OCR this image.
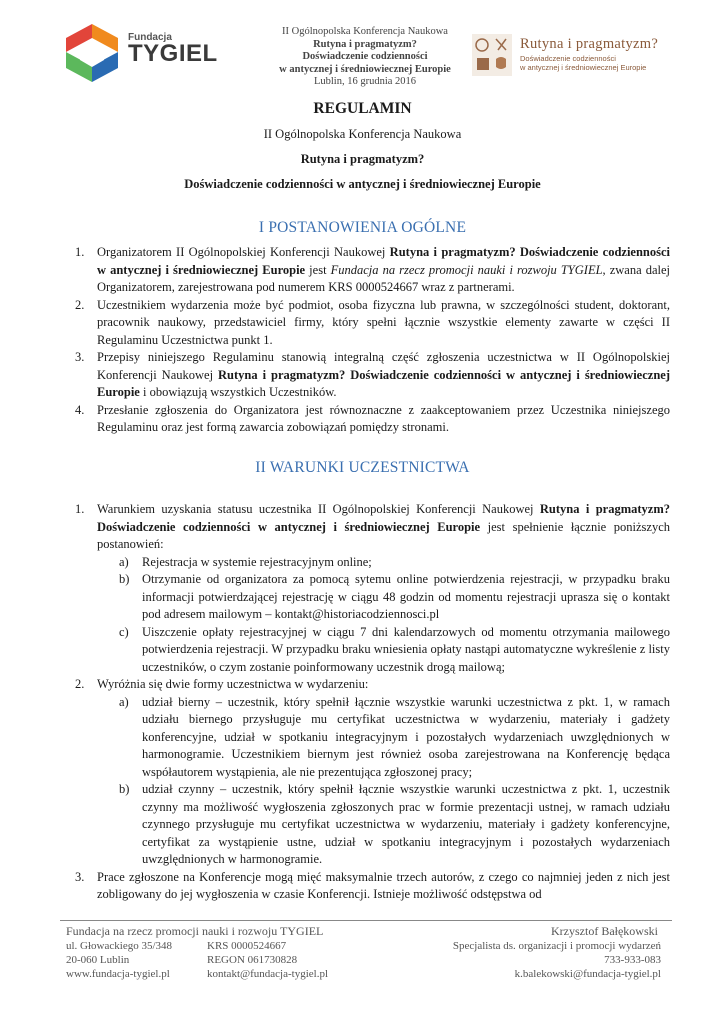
Fundacja
TYGIEL
II Ogólnopolska Konferencja Naukowa
Rutyna i pragmatyzm?
Doświadczenie codzienności
w antycznej i średniowiecznej Europie
Lublin, 16 grudnia 2016
Rutyna i pragmatyzm?
Doświadczenie codzienności
w antycznej i średniowiecznej Europie
REGULAMIN
II Ogólnopolska Konferencja Naukowa
Rutyna i pragmatyzm?
Doświadczenie codzienności w antycznej i średniowiecznej Europie
I POSTANOWIENIA OGÓLNE
1. Organizatorem II Ogólnopolskiej Konferencji Naukowej Rutyna i pragmatyzm? Doświadczenie codzienności w antycznej i średniowiecznej Europie jest Fundacja na rzecz promocji nauki i rozwoju TYGIEL, zwana dalej Organizatorem, zarejestrowana pod numerem KRS 0000524667 wraz z partnerami.
2. Uczestnikiem wydarzenia może być podmiot, osoba fizyczna lub prawna, w szczególności student, doktorant, pracownik naukowy, przedstawiciel firmy, który spełni łącznie wszystkie elementy zawarte w części II Regulaminu Uczestnictwa punkt 1.
3. Przepisy niniejszego Regulaminu stanowią integralną część zgłoszenia uczestnictwa w II Ogólnopolskiej Konferencji Naukowej Rutyna i pragmatyzm? Doświadczenie codzienności w antycznej i średniowiecznej Europie i obowiązują wszystkich Uczestników.
4. Przesłanie zgłoszenia do Organizatora jest równoznaczne z zaakceptowaniem przez Uczestnika niniejszego Regulaminu oraz jest formą zawarcia zobowiązań pomiędzy stronami.
II WARUNKI UCZESTNICTWA
1. Warunkiem uzyskania statusu uczestnika II Ogólnopolskiej Konferencji Naukowej Rutyna i pragmatyzm? Doświadczenie codzienności w antycznej i średniowiecznej Europie jest spełnienie łącznie poniższych postanowień:
a) Rejestracja w systemie rejestracyjnym online;
b) Otrzymanie od organizatora za pomocą sytemu online potwierdzenia rejestracji, w przypadku braku informacji potwierdzającej rejestrację w ciągu 48 godzin od momentu rejestracji uprasza się o kontakt pod adresem mailowym – kontakt@historiacodziennosci.pl
c) Uiszczenie opłaty rejestracyjnej w ciągu 7 dni kalendarzowych od momentu otrzymania mailowego potwierdzenia rejestracji. W przypadku braku wniesienia opłaty nastąpi automatyczne wykreślenie z listy uczestników, o czym zostanie poinformowany uczestnik drogą mailową;
2. Wyróżnia się dwie formy uczestnictwa w wydarzeniu:
a) udział bierny – uczestnik, który spełnił łącznie wszystkie warunki uczestnictwa z pkt. 1, w ramach udziału biernego przysługuje mu certyfikat uczestnictwa w wydarzeniu, materiały i gadżety konferencyjne, udział w spotkaniu integracyjnym i pozostałych wydarzeniach uwzględnionych w harmonogramie. Uczestnikiem biernym jest również osoba zarejestrowana na Konferencję będąca współautorem wystąpienia, ale nie prezentująca zgłoszonej pracy;
b) udział czynny – uczestnik, który spełnił łącznie wszystkie warunki uczestnictwa z pkt. 1, uczestnik czynny ma możliwość wygłoszenia zgłoszonych prac w formie prezentacji ustnej, w ramach udziału czynnego przysługuje mu certyfikat uczestnictwa w wydarzeniu, materiały i gadżety konferencyjne, certyfikat za wystąpienie ustne, udział w spotkaniu integracyjnym i pozostałych wydarzeniach uwzględnionych w harmonogramie.
3. Prace zgłoszone na Konferencje mogą mięć maksymalnie trzech autorów, z czego co najmniej jeden z nich jest zobligowany do jej wygłoszenia w czasie Konferencji. Istnieje możliwość odstępstwa od
Fundacja na rzecz promocji nauki i rozwoju TYGIEL	Krzysztof Bałękowski
ul. Głowackiego 35/348
20-060 Lublin
www.fundacja-tygiel.pl
KRS 0000524667
REGON 061730828
kontakt@fundacja-tygiel.pl
Specjalista ds. organizacji i promocji wydarzeń
733-933-083
k.balekowski@fundacja-tygiel.pl
